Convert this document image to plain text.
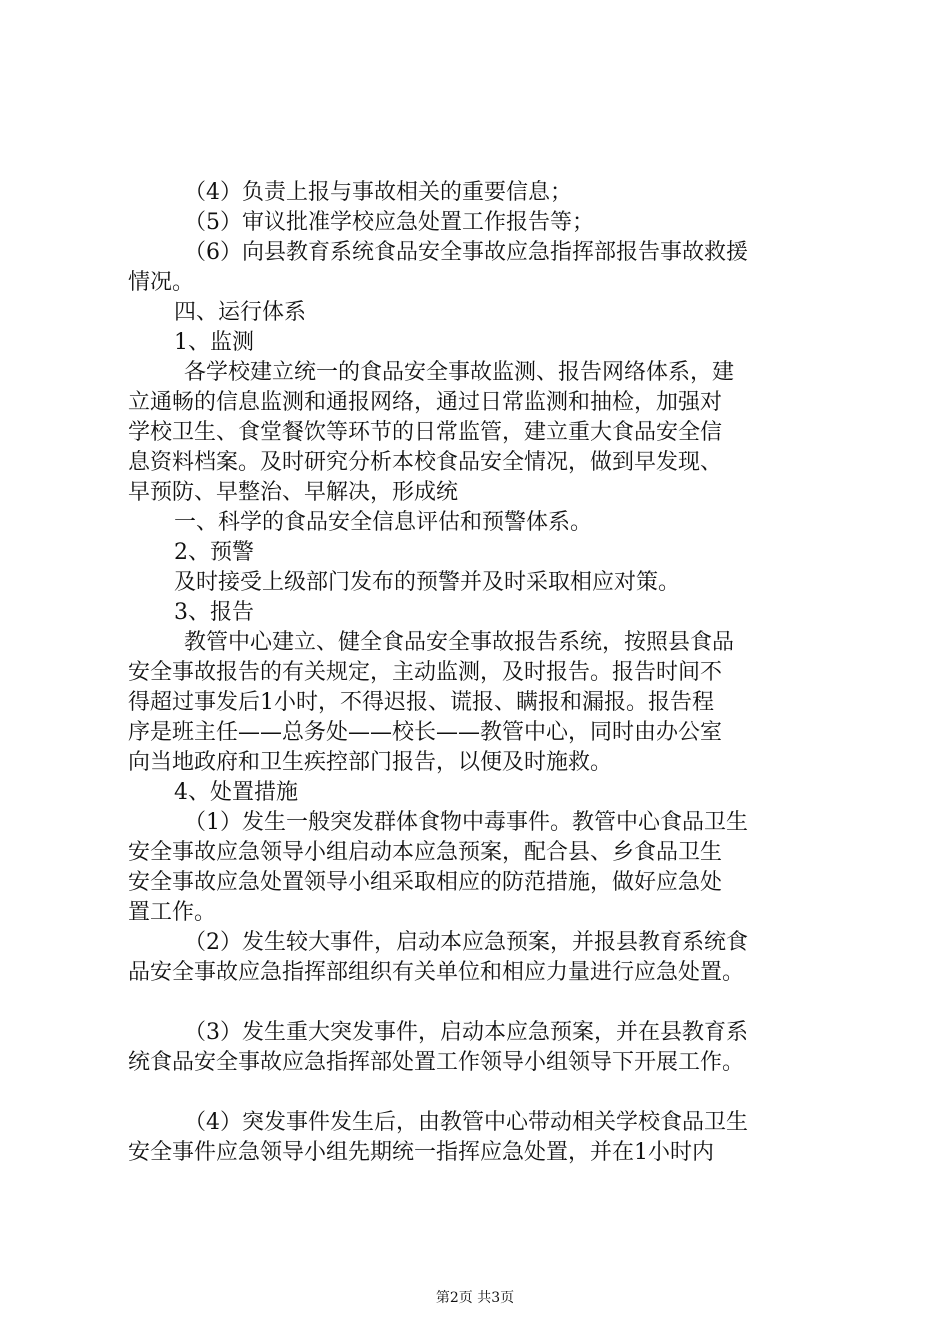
（4）负责上报与事故相关的重要信息；
（5）审议批准学校应急处置工作报告等；
（6）向县教育系统食品安全事故应急指挥部报告事故救援
情况。
四、运行体系
1、监测
各学校建立统一的食品安全事故监测、报告网络体系，建
立通畅的信息监测和通报网络，通过日常监测和抽检，加强对
学校卫生、食堂餐饮等环节的日常监管，建立重大食品安全信
息资料档案。及时研究分析本校食品安全情况，做到早发现、
早预防、早整治、早解决，形成统
一、科学的食品安全信息评估和预警体系。
2、预警
及时接受上级部门发布的预警并及时采取相应对策。
3、报告
教管中心建立、健全食品安全事故报告系统，按照县食品
安全事故报告的有关规定，主动监测，及时报告。报告时间不
得超过事发后1小时，不得迟报、谎报、瞒报和漏报。报告程
序是班主任——总务处——校长——教管中心，同时由办公室
向当地政府和卫生疾控部门报告，以便及时施救。
4、处置措施
（1）发生一般突发群体食物中毒事件。教管中心食品卫生
安全事故应急领导小组启动本应急预案，配合县、乡食品卫生
安全事故应急处置领导小组采取相应的防范措施，做好应急处
置工作。
（2）发生较大事件，启动本应急预案，并报县教育系统食
品安全事故应急指挥部组织有关单位和相应力量进行应急处置。
（3）发生重大突发事件，启动本应急预案，并在县教育系
统食品安全事故应急指挥部处置工作领导小组领导下开展工作。
（4）突发事件发生后，由教管中心带动相关学校食品卫生
安全事件应急领导小组先期统一指挥应急处置，并在1小时内
第2页 共3页
